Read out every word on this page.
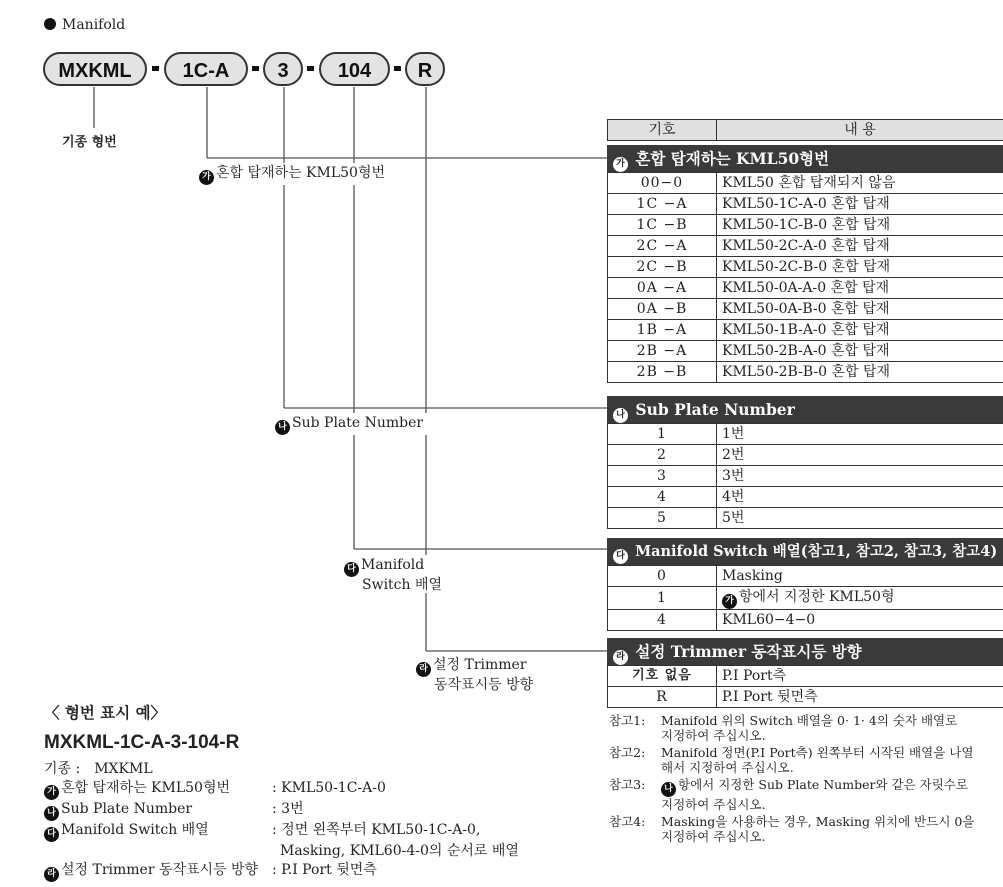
Manifold
MXKML	1C-A	3	104	R
기종 형번
가 혼합 탑재하는 KML50형번
나 Sub Plate Number
다 Manifold
Switch 배열
라 설정 Trimmer
동작표시등 방향
기호	내 용
가 혼합 탑재하는 KML50형번
00−0	KML50 혼합 탑재되지 않음
1C −A	KML50-1C-A-0 혼합 탑재
1C −B	KML50-1C-B-0 혼합 탑재
2C −A	KML50-2C-A-0 혼합 탑재
2C −B	KML50-2C-B-0 혼합 탑재
0A −A	KML50-0A-A-0 혼합 탑재
0A −B	KML50-0A-B-0 혼합 탑재
1B −A	KML50-1B-A-0 혼합 탑재
2B −A	KML50-2B-A-0 혼합 탑재
2B −B	KML50-2B-B-0 혼합 탑재
나 Sub Plate Number
1	1번
2	2번
3	3번
4	4번
5	5번
다 Manifold Switch 배열(참고1, 참고2, 참고3, 참고4)
0	Masking
1	가 항에서 지정한 KML50형
4	KML60−4−0
라 설정 Trimmer 동작표시등 방향
기호 없음	P.I Port측
R	P.I Port 뒷면측
참고1: Manifold 위의 Switch 배열을 0· 1· 4의 숫자 배열로
지정하여 주십시오.
참고2: Manifold 정면(P.I Port측) 왼쪽부터 시작된 배열을 나열
해서 지정하여 주십시오.
참고3: 나 항에서 지정한 Sub Plate Number와 같은 자릿수로
지정하여 주십시오.
참고4: Masking을 사용하는 경우, Masking 위치에 반드시 0을
지정하여 주십시오.
〈 형번 표시 예〉
MXKML-1C-A-3-104-R
기종 : MXKML
가 혼합 탑재하는 KML50형번	: KML50-1C-A-0
나 Sub Plate Number	: 3번
다 Manifold Switch 배열	: 정면 왼쪽부터 KML50-1C-A-0,
Masking, KML60-4-0의 순서로 배열
라 설정 Trimmer 동작표시등 방향 : P.I Port 뒷면측
